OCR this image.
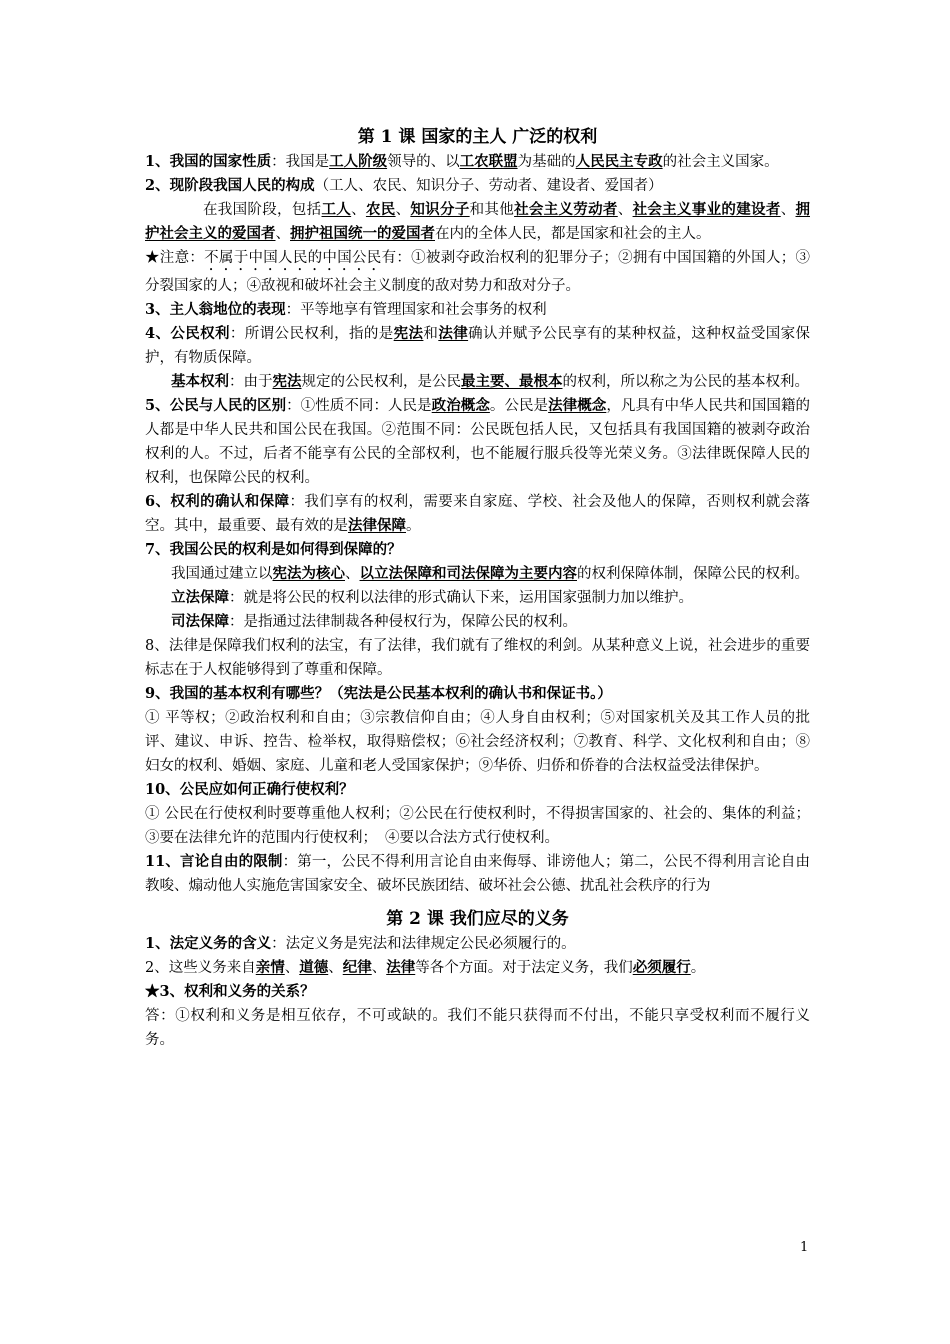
第 1 课 国家的主人 广泛的权利

1、我国的国家性质：我国是工人阶级领导的、以工农联盟为基础的人民民主专政的社会主义国家。

2、现阶段我国人民的构成（工人、农民、知识分子、劳动者、建设者、爱国者）

在我国阶段，包括工人、农民、知识分子和其他社会主义劳动者、社会主义事业的建设者、拥护社会主义的爱国者、拥护祖国统一的爱国者在内的全体人民，都是国家和社会的主人。

★注意：不属于中国人民的中国公民有：①被剥夺政治权利的犯罪分子；②拥有中国国籍的外国人；③分裂国家的人；④敌视和破坏社会主义制度的敌对势力和敌对分子。

3、主人翁地位的表现：平等地享有管理国家和社会事务的权利

4、公民权利：所谓公民权利，指的是宪法和法律确认并赋予公民享有的某种权益，这种权益受国家保护，有物质保障。

基本权利：由于宪法规定的公民权利，是公民最主要、最根本的权利，所以称之为公民的基本权利。

5、公民与人民的区别：①性质不同：人民是政治概念。公民是法律概念，凡具有中华人民共和国国籍的人都是中华人民共和国公民在我国。②范围不同：公民既包括人民，又包括具有我国国籍的被剥夺政治权利的人。不过，后者不能享有公民的全部权利，也不能履行服兵役等光荣义务。③法律既保障人民的权利，也保障公民的权利。

6、权利的确认和保障：我们享有的权利，需要来自家庭、学校、社会及他人的保障，否则权利就会落空。其中，最重要、最有效的是法律保障。

7、我国公民的权利是如何得到保障的？

我国通过建立以宪法为核心、以立法保障和司法保障为主要内容的权利保障体制，保障公民的权利。

立法保障：就是将公民的权利以法律的形式确认下来，运用国家强制力加以维护。

司法保障：是指通过法律制裁各种侵权行为，保障公民的权利。

8、法律是保障我们权利的法宝，有了法律，我们就有了维权的利剑。从某种意义上说，社会进步的重要标志在于人权能够得到了尊重和保障。

9、我国的基本权利有哪些？（宪法是公民基本权利的确认书和保证书。）

① 平等权；②政治权利和自由；③宗教信仰自由；④人身自由权利；⑤对国家机关及其工作人员的批评、建议、申诉、控告、检举权，取得赔偿权；⑥社会经济权利；⑦教育、科学、文化权利和自由；⑧妇女的权利、婚姻、家庭、儿童和老人受国家保护；⑨华侨、归侨和侨眷的合法权益受法律保护。

10、公民应如何正确行使权利？

① 公民在行使权利时要尊重他人权利；②公民在行使权利时，不得损害国家的、社会的、集体的利益；③要在法律允许的范围内行使权利； ④要以合法方式行使权利。

11、言论自由的限制：第一，公民不得利用言论自由来侮辱、诽谤他人；第二，公民不得利用言论自由教唆、煽动他人实施危害国家安全、破坏民族团结、破坏社会公德、扰乱社会秩序的行为

第 2 课 我们应尽的义务

1、法定义务的含义：法定义务是宪法和法律规定公民必须履行的。

2、这些义务来自亲情、道德、纪律、法律等各个方面。对于法定义务，我们必须履行。

★3、权利和义务的关系？

答：①权利和义务是相互依存，不可或缺的。我们不能只获得而不付出，不能只享受权利而不履行义务。

1
